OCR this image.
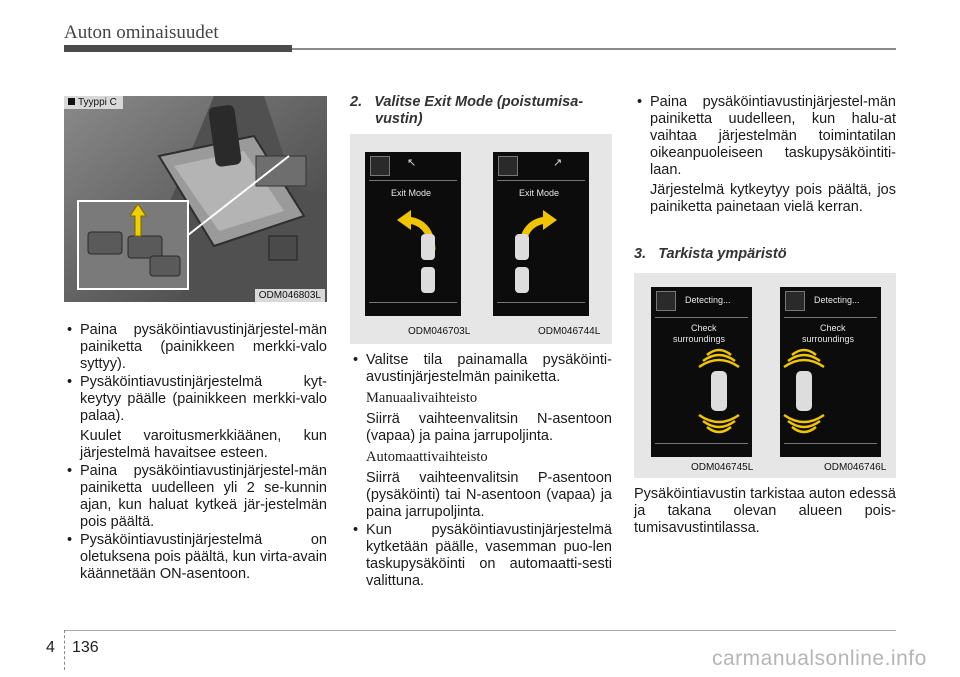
Auton ominaisuudet
Tyyppi C
ODM046803L
• Paina pysäköintiavustinjärjestel-män painiketta (painikkeen merkki-valo syttyy).
• Pysäköintiavustinjärjestelmä kyt-keytyy päälle (painikkeen merkki-valo palaa).
Kuulet varoitusmerkkiäänen, kun järjestelmä havaitsee esteen.
• Paina pysäköintiavustinjärjestel-män painiketta uudelleen yli 2 se-kunnin ajan, kun haluat kytkeä jär-jestelmän pois päältä.
• Pysäköintiavustinjärjestelmä on oletuksena pois päältä, kun virta-avain käännetään ON-asentoon.
2. Valitse Exit Mode (poistumisa-
vustin)
↖
Exit Mode
↗
Exit Mode
ODM046703L	ODM046744L
• Valitse tila painamalla pysäköinti-avustinjärjestelmän painiketta.
Manuaalivaihteisto
Siirrä vaihteenvalitsin N-asentoon (vapaa) ja paina jarrupoljinta.
Automaattivaihteisto
Siirrä vaihteenvalitsin P-asentoon (pysäköinti) tai N-asentoon (vapaa) ja paina jarrupoljinta.
• Kun pysäköintiavustinjärjestelmä kytketään päälle, vasemman puo-len taskupysäköinti on automaatti-sesti valittuna.
• Paina pysäköintiavustinjärjestel-män painiketta uudelleen, kun halu-at vaihtaa järjestelmän toimintatilan oikeanpuoleiseen taskupysäköintiti-laan.
Järjestelmä kytkeytyy pois päältä, jos painiketta painetaan vielä kerran.
3. Tarkista ympäristö
Detecting...
Check
surroundings
Detecting...
Check
surroundings
ODM046745L	ODM046746L
Pysäköintiavustin tarkistaa auton edessä ja takana olevan alueen pois-tumisavustintilassa.
4 136	carmanualsonline.info
